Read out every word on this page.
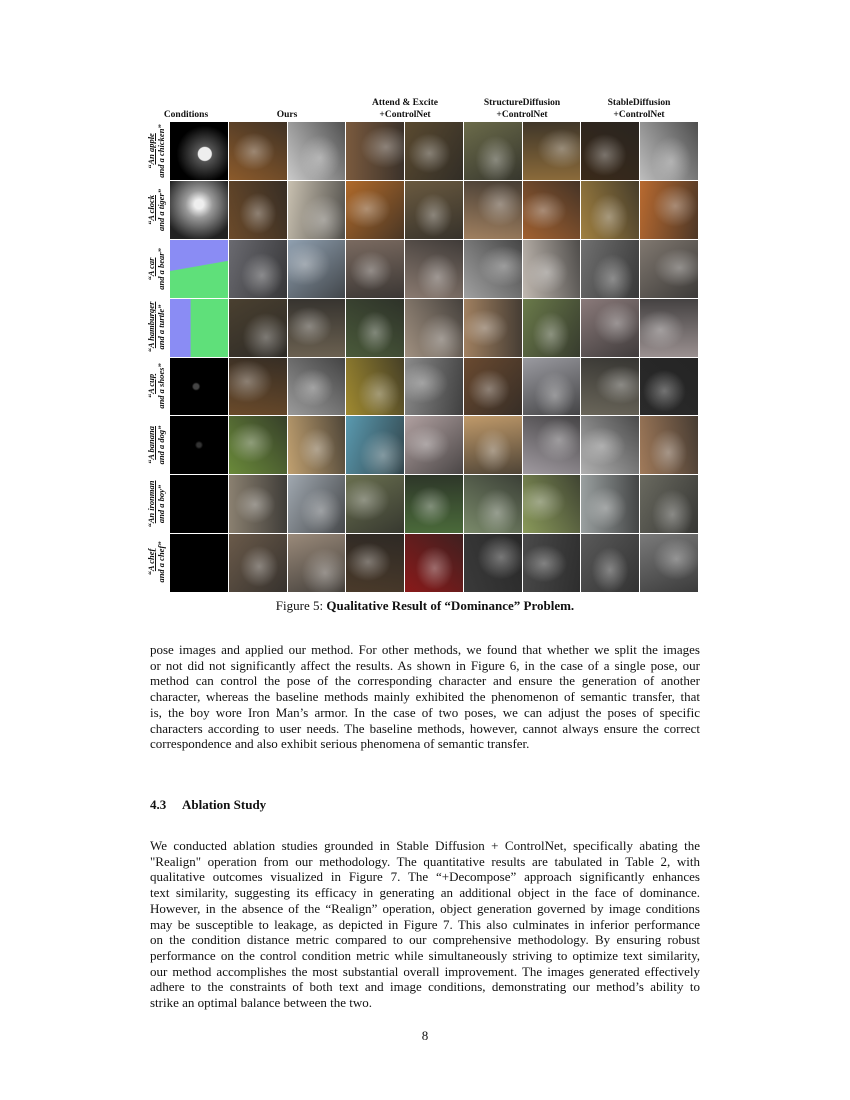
Conditions	Ours
Attend & Excite
+ControlNet
StructureDiffusion
+ControlNet
StableDiffusion
+ControlNet
“An apple
and a chicken”
“A clock
and a tiger”
“A car
and a bear”
“A hamburger
and a turtle”
“A cup
and a shoes”
“A banana
and a dog”
“An ironman
and a boy”
“A chef
and a chef”
Figure 5: Qualitative Result of “Dominance” Problem.
pose images and applied our method. For other methods, we found that whether we split the images
or not did not significantly affect the results. As shown in Figure 6, in the case of a single pose, our
method can control the pose of the corresponding character and ensure the generation of another
character, whereas the baseline methods mainly exhibited the phenomenon of semantic transfer, that
is, the boy wore Iron Man’s armor. In the case of two poses, we can adjust the poses of specific
characters according to user needs. The baseline methods, however, cannot always ensure the correct
correspondence and also exhibit serious phenomena of semantic transfer.
4.3 Ablation Study
We conducted ablation studies grounded in Stable Diffusion + ControlNet, specifically abating the
"Realign" operation from our methodology. The quantitative results are tabulated in Table 2, with
qualitative outcomes visualized in Figure 7. The “+Decompose” approach significantly enhances
text similarity, suggesting its efficacy in generating an additional object in the face of dominance.
However, in the absence of the “Realign” operation, object generation governed by image conditions
may be susceptible to leakage, as depicted in Figure 7. This also culminates in inferior performance
on the condition distance metric compared to our comprehensive methodology. By ensuring robust
performance on the control condition metric while simultaneously striving to optimize text similarity,
our method accomplishes the most substantial overall improvement. The images generated effectively
adhere to the constraints of both text and image conditions, demonstrating our method’s ability to
strike an optimal balance between the two.
8
